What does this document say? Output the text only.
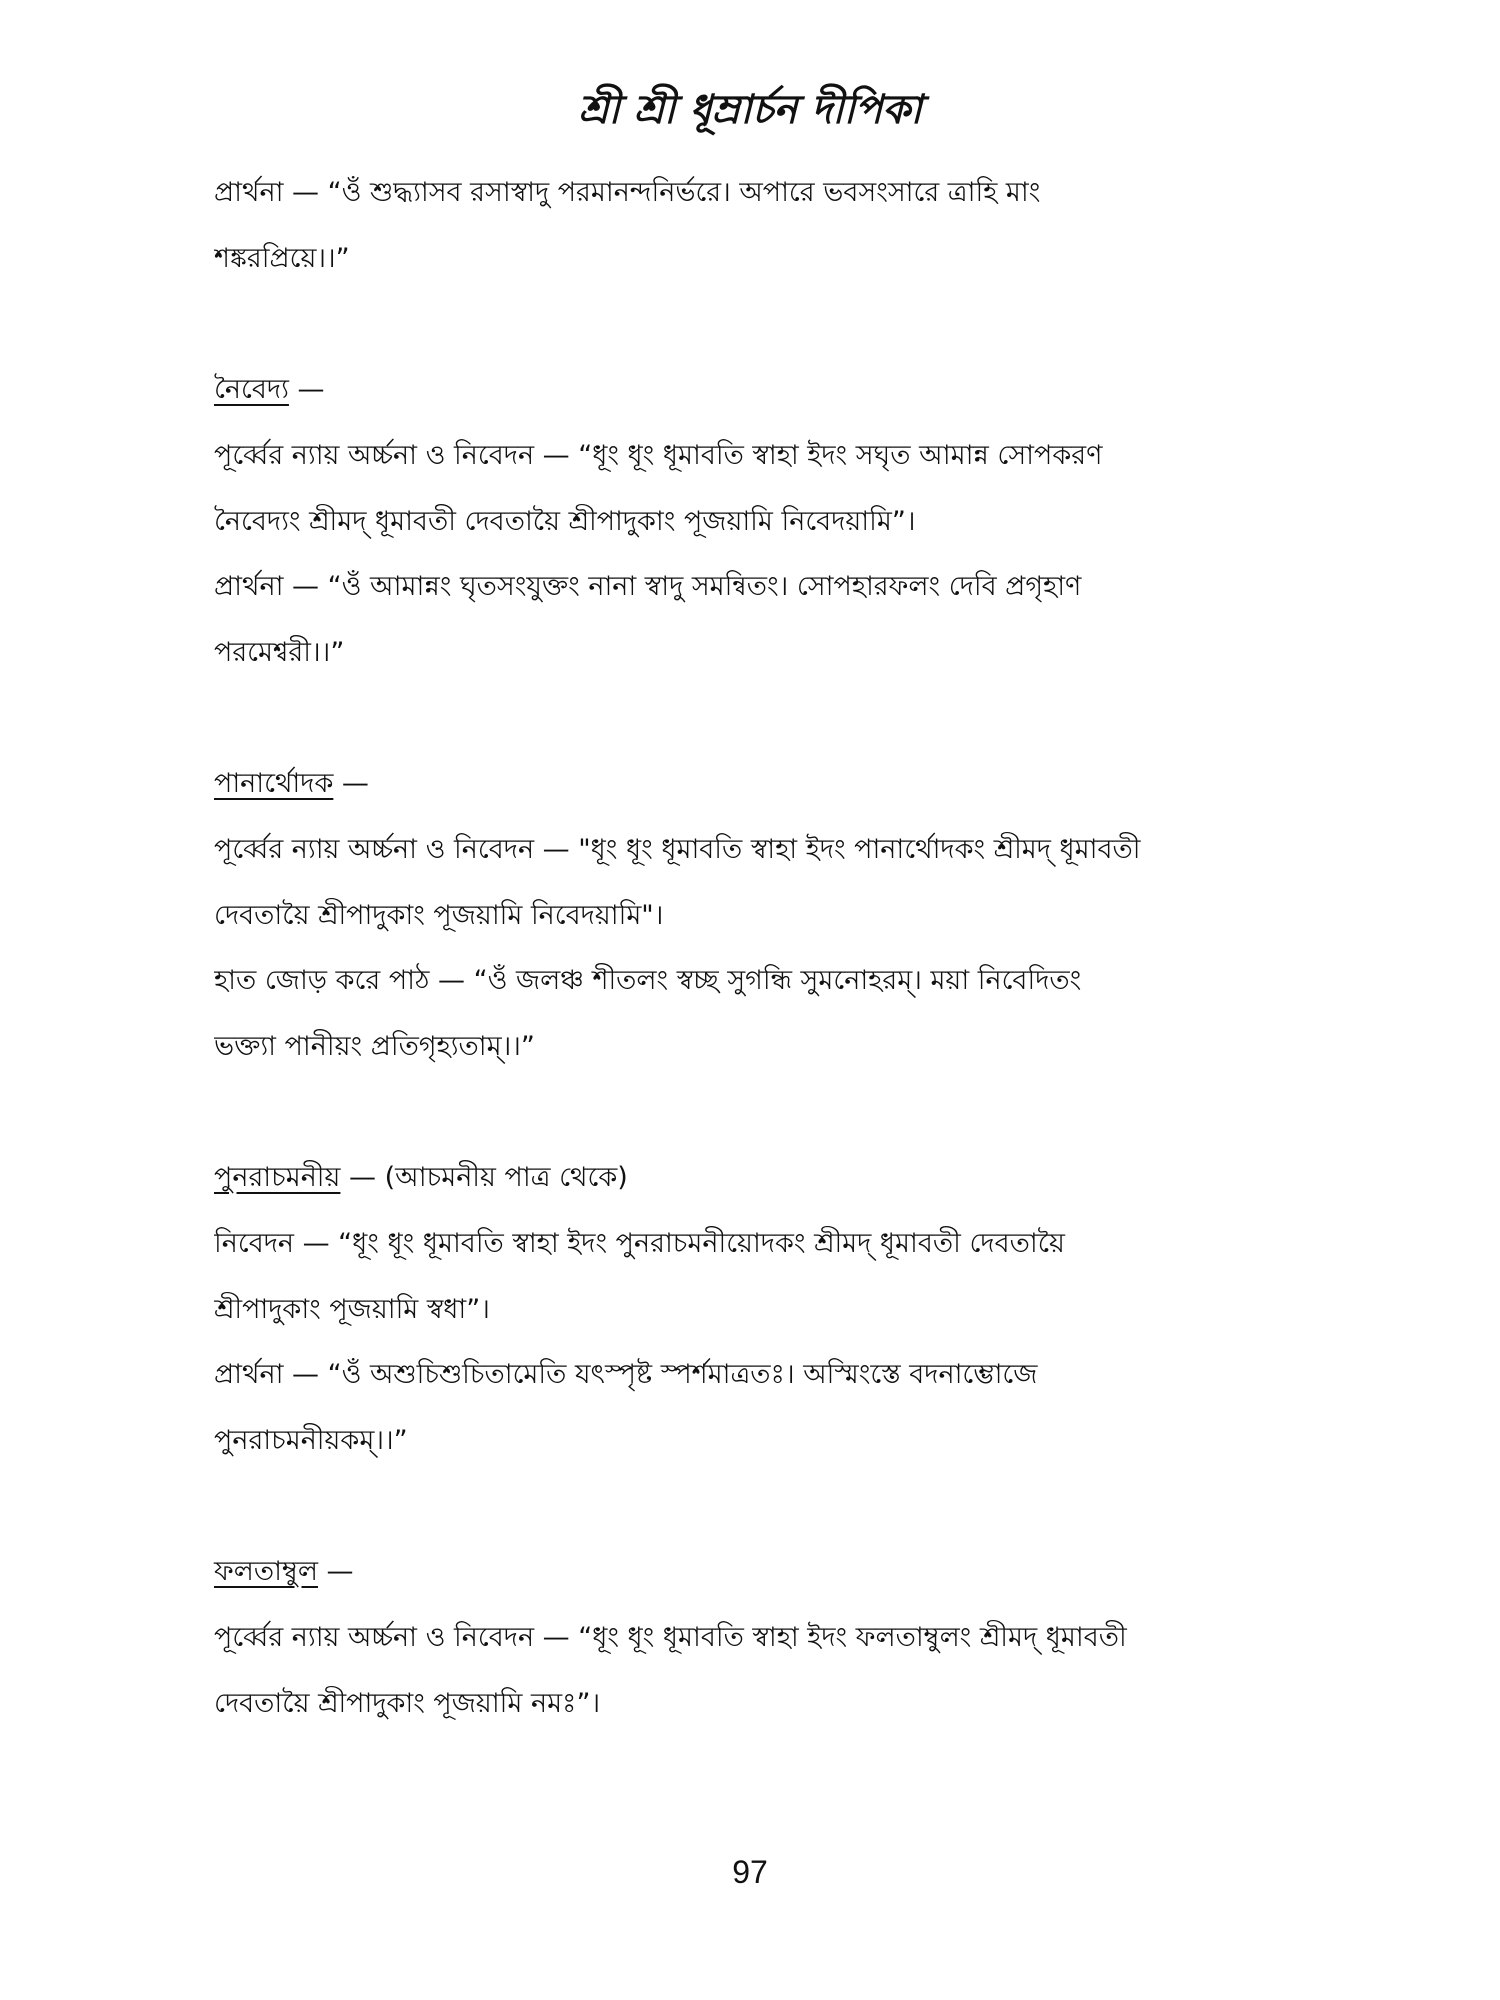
শ্রী শ্রী ধূম্রার্চন দীপিকা
প্রার্থনা — “ওঁ শুদ্ধ্যাসব রসাস্বাদু পরমানন্দনির্ভরে। অপারে ভবসংসারে ত্রাহি মাং
শঙ্করপ্রিয়ে।।”
নৈবেদ্য —
পূর্ব্বের ন্যায় অর্চ্চনা ও নিবেদন — “ধূং ধূং ধূমাবতি স্বাহা ইদং সঘৃত আমান্ন সোপকরণ
নৈবেদ্যং শ্রীমদ্ ধূমাবতী দেবতায়ৈ শ্রীপাদুকাং পূজয়ামি নিবেদয়ামি”।
প্রার্থনা — “ওঁ আমান্নং ঘৃতসংযুক্তং নানা স্বাদু সমন্বিতং। সোপহারফলং দেবি প্রগৃহাণ
পরমেশ্বরী।।”
পানার্থোদক —
পূর্ব্বের ন্যায় অর্চ্চনা ও নিবেদন — "ধূং ধূং ধূমাবতি স্বাহা ইদং পানার্থোদকং শ্রীমদ্ ধূমাবতী
দেবতায়ৈ শ্রীপাদুকাং পূজয়ামি নিবেদয়ামি"।
হাত জোড় করে পাঠ — “ওঁ জলঞ্চ শীতলং স্বচ্ছ সুগন্ধি সুমনোহরম্। ময়া নিবেদিতং
ভক্ত্যা পানীয়ং প্রতিগৃহ্যতাম্।।”
পুনরাচমনীয় — (আচমনীয় পাত্র থেকে)
নিবেদন — “ধূং ধূং ধূমাবতি স্বাহা ইদং পুনরাচমনীয়োদকং শ্রীমদ্ ধূমাবতী দেবতায়ৈ
শ্রীপাদুকাং পূজয়ামি স্বধা”।
প্রার্থনা — “ওঁ অশুচিশুচিতামেতি যৎস্পৃষ্ট স্পর্শমাত্রতঃ। অস্মিংস্তে বদনাম্ভোজে
পুনরাচমনীয়কম্।।”
ফলতাম্বুল —
পূর্ব্বের ন্যায় অর্চ্চনা ও নিবেদন — “ধূং ধূং ধূমাবতি স্বাহা ইদং ফলতাম্বুলং শ্রীমদ্ ধূমাবতী
দেবতায়ৈ শ্রীপাদুকাং পূজয়ামি নমঃ”।
97
